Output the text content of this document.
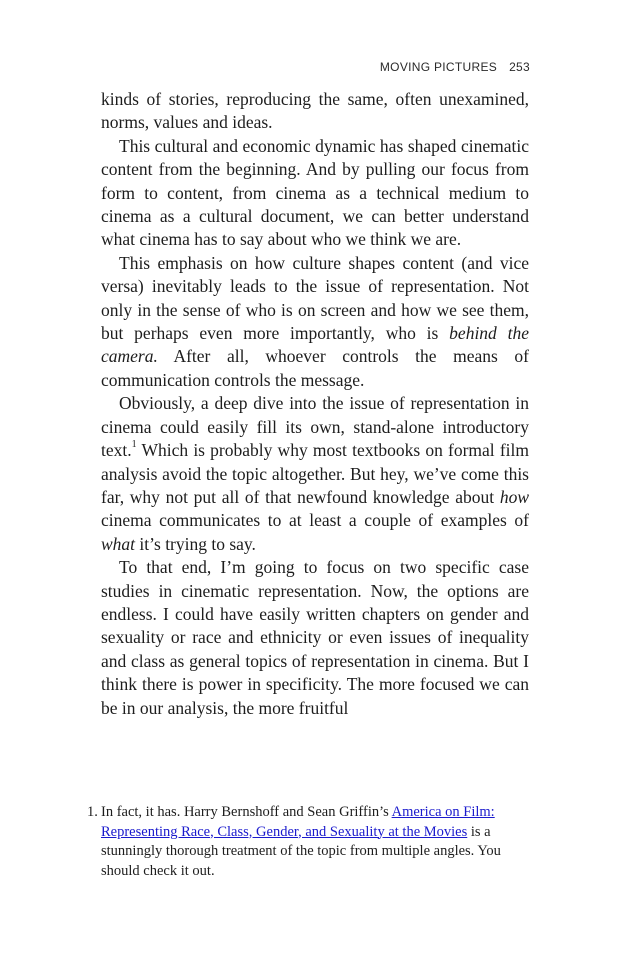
MOVING PICTURES 253

kinds of stories, reproducing the same, often unexamined, norms, values and ideas.

This cultural and economic dynamic has shaped cinematic content from the beginning. And by pulling our focus from form to content, from cinema as a technical medium to cinema as a cultural document, we can better understand what cinema has to say about who we think we are.

This emphasis on how culture shapes content (and vice versa) inevitably leads to the issue of representation. Not only in the sense of who is on screen and how we see them, but perhaps even more importantly, who is behind the camera. After all, whoever controls the means of communication controls the message.

Obviously, a deep dive into the issue of representation in cinema could easily fill its own, stand-alone introductory text.$^1$ Which is probably why most textbooks on formal film analysis avoid the topic altogether. But hey, we’ve come this far, why not put all of that newfound knowledge about how cinema communicates to at least a couple of examples of what it’s trying to say.

To that end, I’m going to focus on two specific case studies in cinematic representation. Now, the options are endless. I could have easily written chapters on gender and sexuality or race and ethnicity or even issues of inequality and class as general topics of representation in cinema. But I think there is power in specificity. The more focused we can be in our analysis, the more fruitful

1. In fact, it has. Harry Bernshoff and Sean Griffin’s America on Film: Representing Race, Class, Gender, and Sexuality at the Movies is a stunningly thorough treatment of the topic from multiple angles. You should check it out.
